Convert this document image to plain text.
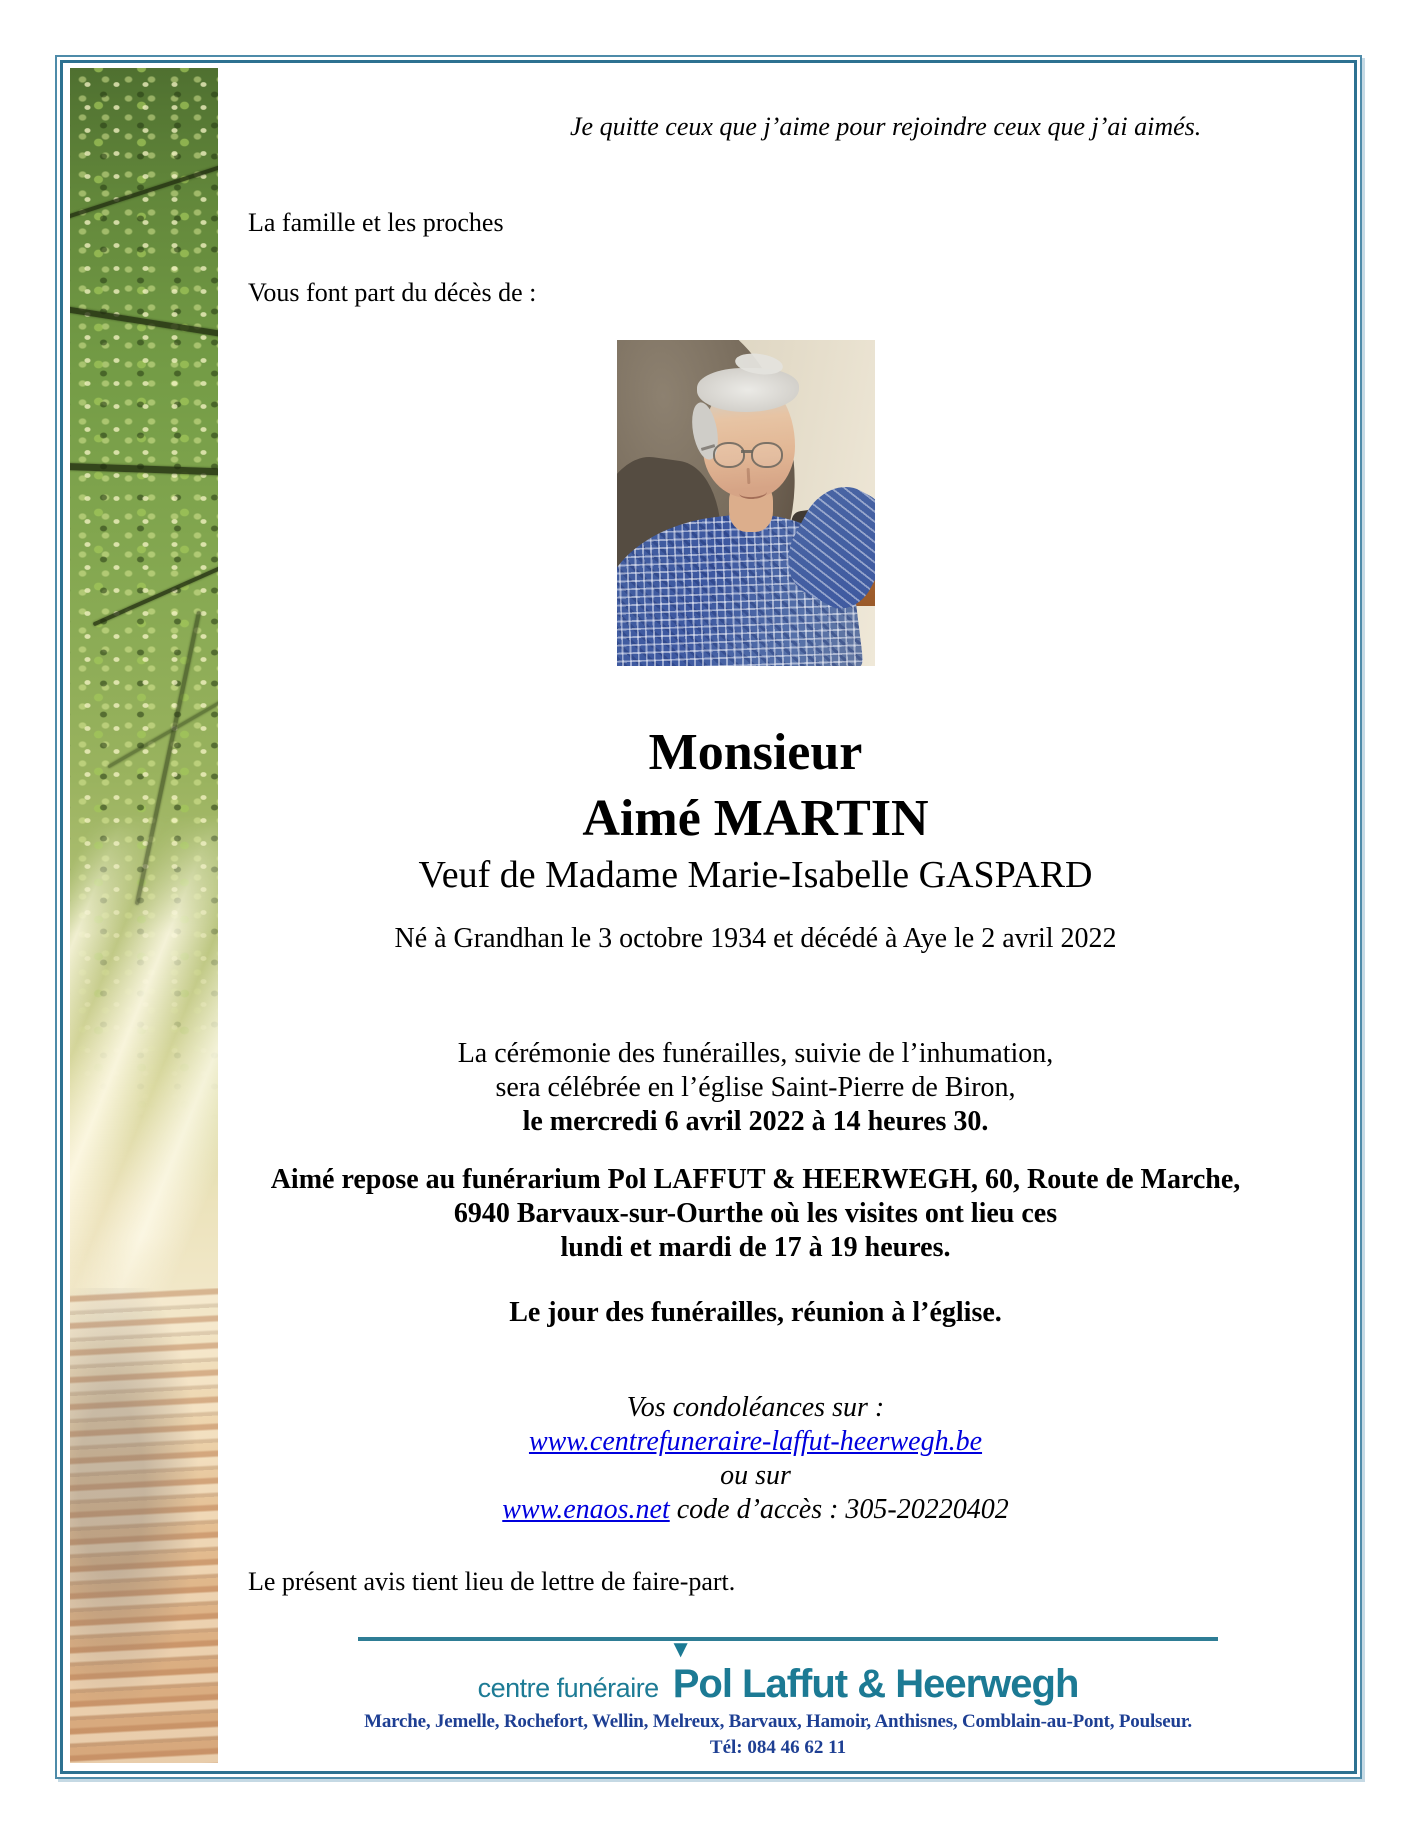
Je quitte ceux que j’aime pour rejoindre ceux que j’ai aimés.
La famille et les proches
Vous font part du décès de :
Monsieur
Aimé MARTIN
Veuf de Madame Marie-Isabelle GASPARD
Né à Grandhan le 3 octobre 1934 et décédé à Aye le 2 avril 2022
La cérémonie des funérailles, suivie de l’inhumation,
sera célébrée en l’église Saint-Pierre de Biron,
le mercredi 6 avril 2022 à 14 heures 30.
Aimé repose au funérarium Pol LAFFUT & HEERWEGH, 60, Route de Marche,
6940 Barvaux-sur-Ourthe où les visites ont lieu ces
lundi et mardi de 17 à 19 heures.
Le jour des funérailles, réunion à l’église.
Vos condoléances sur :
www.centrefuneraire-laffut-heerwegh.be
ou sur
www.enaos.net code d’accès : 305-20220402
Le présent avis tient lieu de lettre de faire-part.
centre funéraire
▼
Pol Laffut & Heerwegh
Marche, Jemelle, Rochefort, Wellin, Melreux, Barvaux, Hamoir, Anthisnes, Comblain-au-Pont, Poulseur.
Tél: 084 46 62 11
